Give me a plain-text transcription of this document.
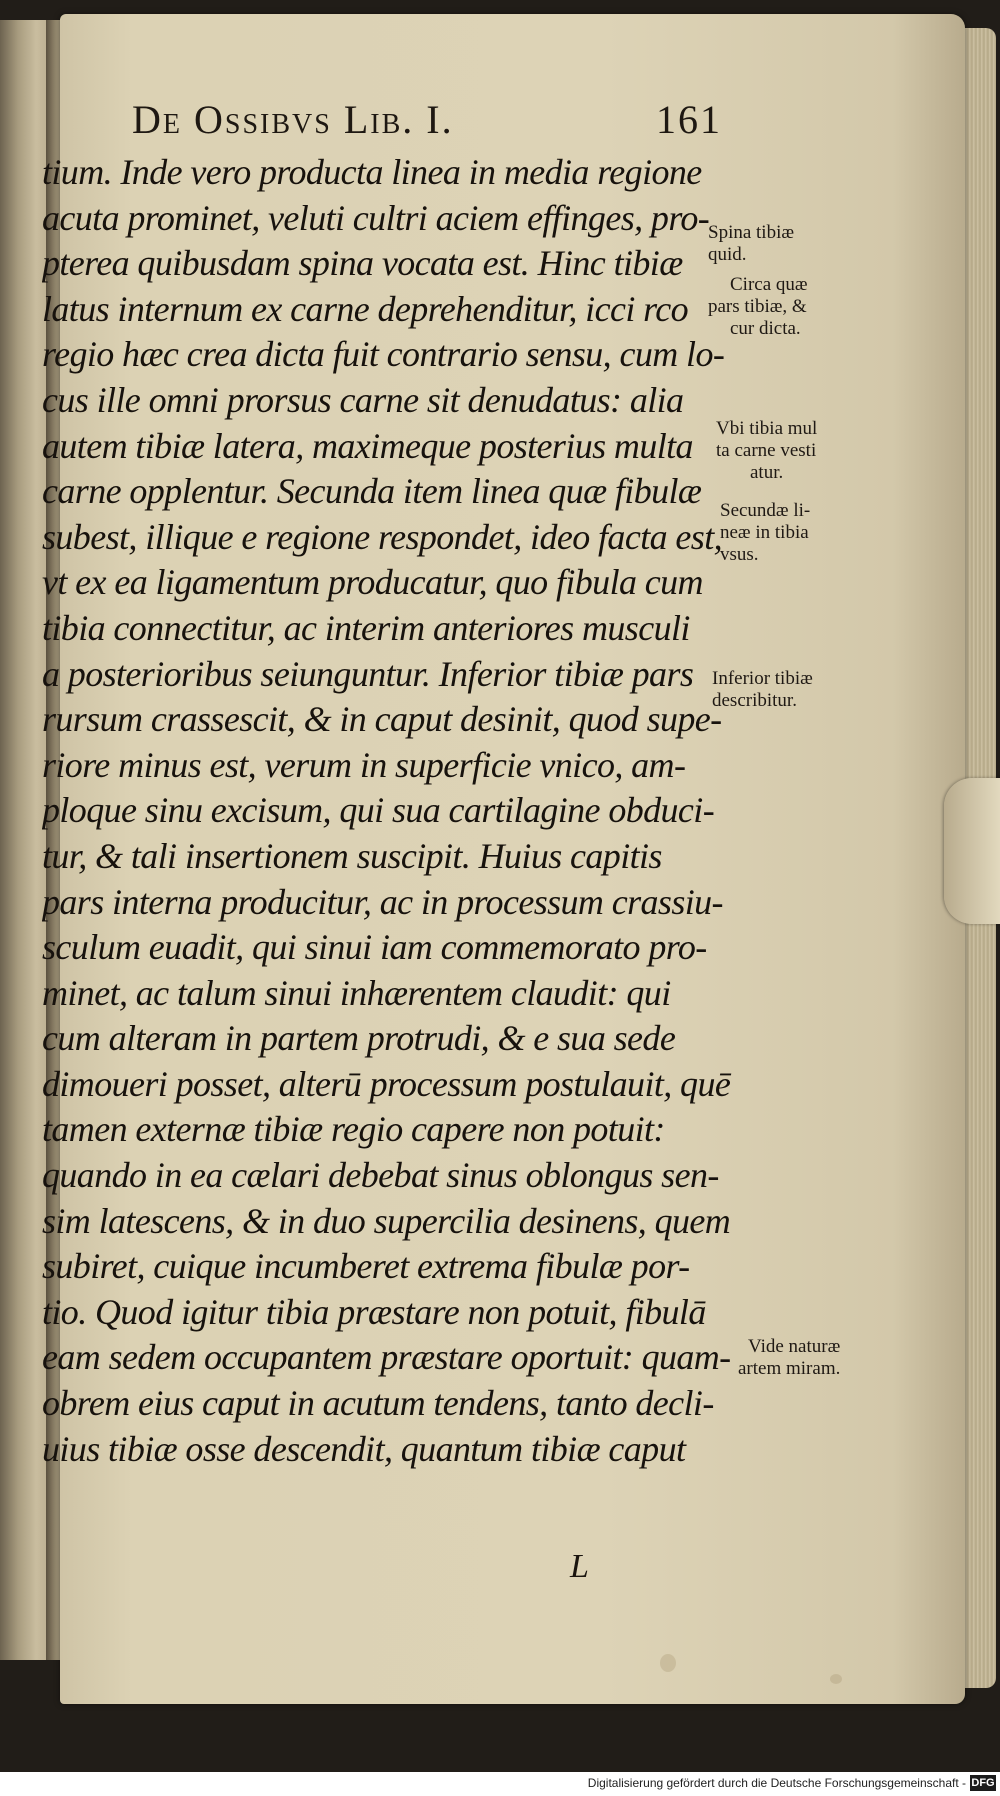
De Ossibvs Lib. I.	161
tium. Inde vero producta linea in media regione
acuta prominet, veluti cultri aciem effinges, pro-
pterea quibusdam spina vocata est. Hinc tibiæ
latus internum ex carne deprehenditur, icci rco
regio hæc crea dicta fuit contrario sensu, cum lo-
cus ille omni prorsus carne sit denudatus: alia
autem tibiæ latera, maximeque posterius multa
carne opplentur. Secunda item linea quæ fibulæ
subest, illique e regione respondet, ideo facta est,
vt ex ea ligamentum producatur, quo fibula cum
tibia connectitur, ac interim anteriores musculi
a posterioribus seiunguntur. Inferior tibiæ pars
rursum crassescit, & in caput desinit, quod supe-
riore minus est, verum in superficie vnico, am-
ploque sinu excisum, qui sua cartilagine obduci-
tur, & tali insertionem suscipit. Huius capitis
pars interna producitur, ac in processum crassiu-
sculum euadit, qui sinui iam commemorato pro-
minet, ac talum sinui inhærentem claudit: qui
cum alteram in partem protrudi, & e sua sede
dimoueri posset, alterū processum postulauit, quē
tamen externæ tibiæ regio capere non potuit:
quando in ea cælari debebat sinus oblongus sen-
sim latescens, & in duo supercilia desinens, quem
subiret, cuique incumberet extrema fibulæ por-
tio. Quod igitur tibia præstare non potuit, fibulā
eam sedem occupantem præstare oportuit: quam-
obrem eius caput in acutum tendens, tanto decli-
uius tibiæ osse descendit, quantum tibiæ caput
Spina tibiæ
quid.
Circa quæ
pars tibiæ, &
cur dicta.
Vbi tibia mul
ta carne vesti
atur.
Secundæ li-
neæ in tibia
vsus.
Inferior tibiæ
describitur.
Vide naturæ
artem miram.
L
Digitalisierung gefördert durch die Deutsche Forschungsgemeinschaft - DFG
